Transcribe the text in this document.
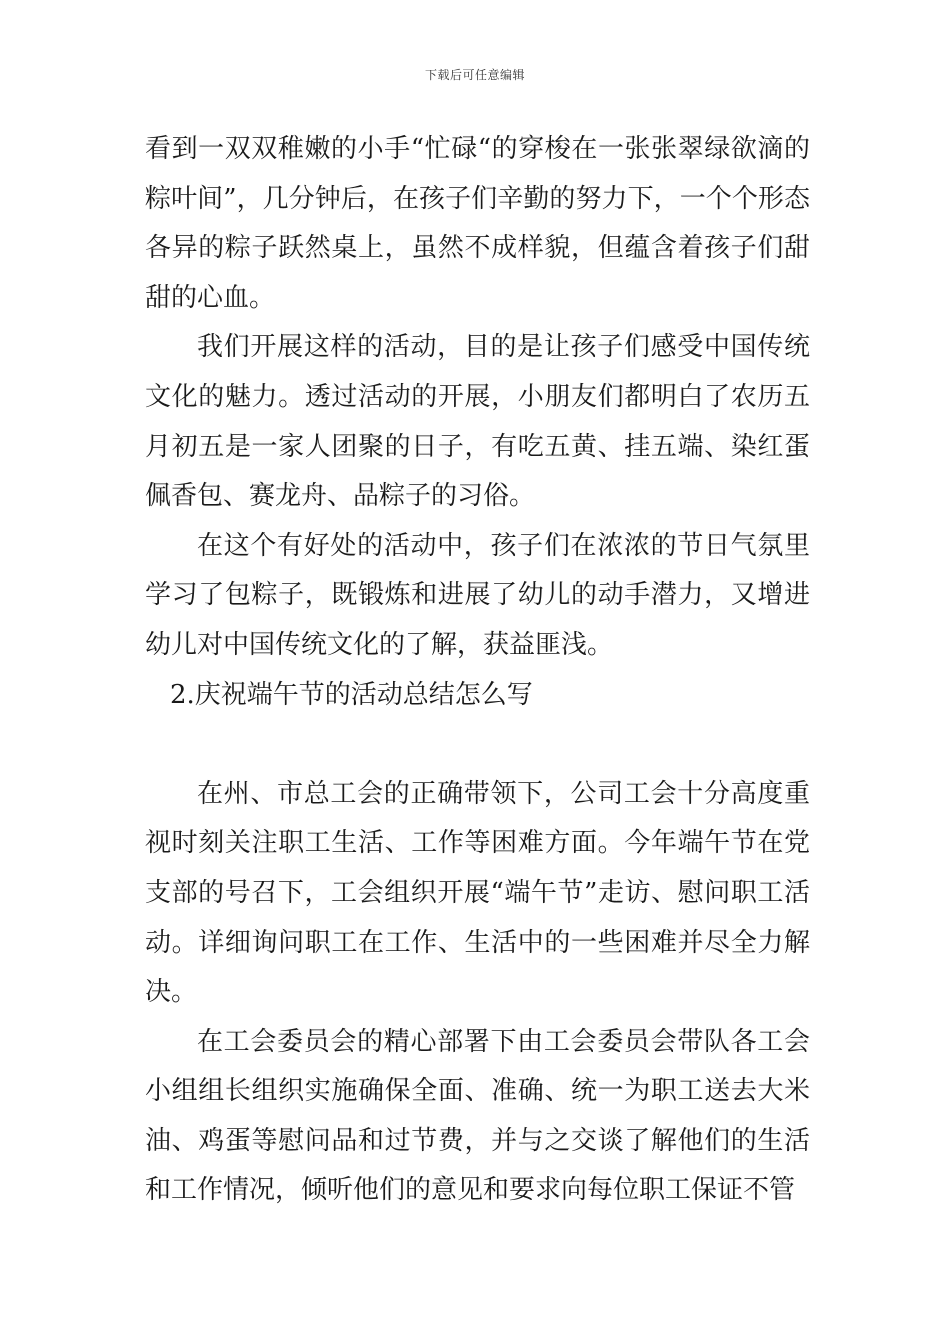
下载后可任意编辑

看到一双双稚嫩的小手“忙碌“的穿梭在一张张翠绿欲滴的粽叶间”，几分钟后，在孩子们辛勤的努力下，一个个形态各异的粽子跃然桌上，虽然不成样貌，但蕴含着孩子们甜甜的心血。

我们开展这样的活动，目的是让孩子们感受中国传统文化的魅力。透过活动的开展，小朋友们都明白了农历五月初五是一家人团聚的日子，有吃五黄、挂五端、染红蛋佩香包、赛龙舟、品粽子的习俗。

在这个有好处的活动中，孩子们在浓浓的节日气氛里学习了包粽子，既锻炼和进展了幼儿的动手潜力，又增进幼儿对中国传统文化的了解，获益匪浅。

2.庆祝端午节的活动总结怎么写

在州、市总工会的正确带领下，公司工会十分高度重视时刻关注职工生活、工作等困难方面。今年端午节在党支部的号召下，工会组织开展“端午节”走访、慰问职工活动。详细询问职工在工作、生活中的一些困难并尽全力解决。

在工会委员会的精心部署下由工会委员会带队各工会小组组长组织实施确保全面、准确、统一为职工送去大米油、鸡蛋等慰问品和过节费，并与之交谈了解他们的生活和工作情况，倾听他们的意见和要求向每位职工保证不管
